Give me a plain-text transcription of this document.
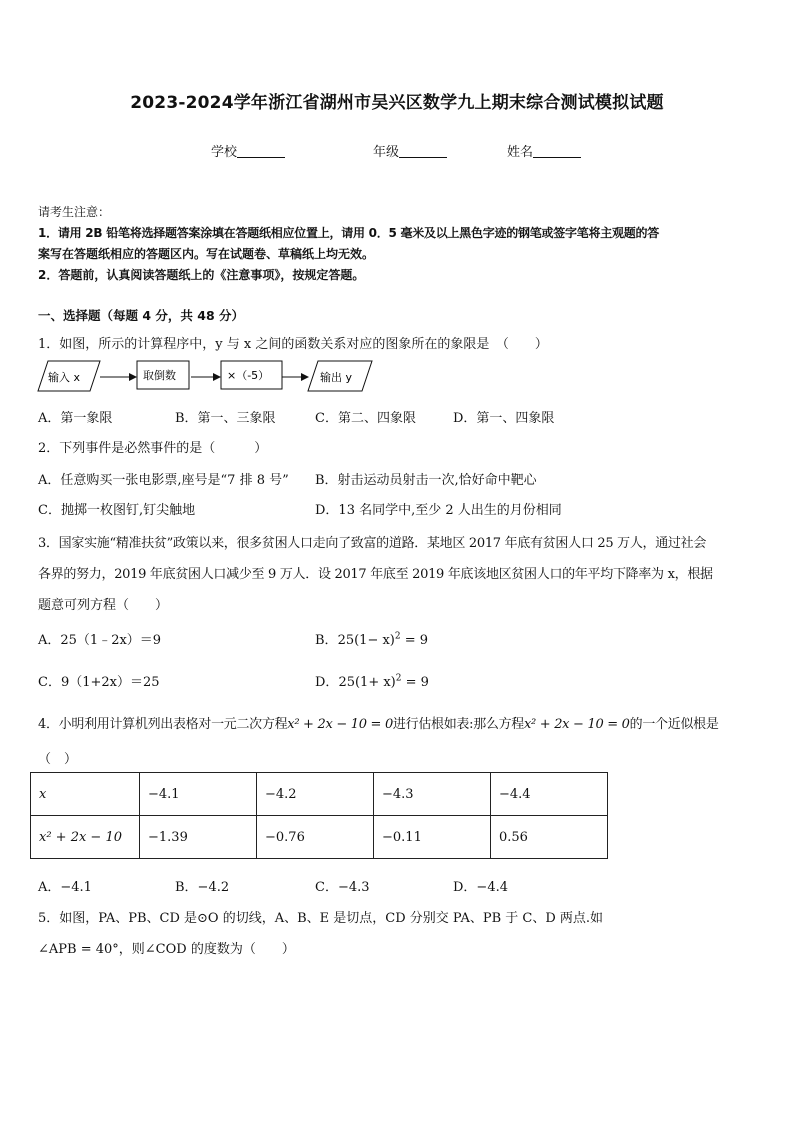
2023-2024学年浙江省湖州市吴兴区数学九上期末综合测试模拟试题
学校	年级	姓名
请考生注意：
1．请用 2B 铅笔将选择题答案涂填在答题纸相应位置上，请用 0．5 毫米及以上黑色字迹的钢笔或签字笔将主观题的答
案写在答题纸相应的答题区内。写在试题卷、草稿纸上均无效。
2．答题前，认真阅读答题纸上的《注意事项》，按规定答题。
一、选择题（每题 4 分，共 48 分）
1．如图，所示的计算程序中，y 与 x 之间的函数关系对应的图象所在的象限是　（　　）
输入 x	取倒数	×（-5）	输出 y
A．第一象限	B．第一、三象限	C．第二、四象限	D．第一、四象限
2．下列事件是必然事件的是（　　　）
A．任意购买一张电影票,座号是“7 排 8 号” B．射击运动员射击一次,恰好命中靶心
C．抛掷一枚图钉,钉尖触地	D．13 名同学中,至少 2 人出生的月份相同
3．国家实施“精准扶贫”政策以来，很多贫困人口走向了致富的道路．某地区 2017 年底有贫困人口 25 万人，通过社会
各界的努力，2019 年底贫困人口减少至 9 万人．设 2017 年底至 2019 年底该地区贫困人口的年平均下降率为 x，根据
题意可列方程（　　）
A．25（1﹣2x）＝9	B．$25(1- x)^2 = 9$
C．9（1+2x）＝25	D．$25(1+ x)^2 = 9$
4．小明利用计算机列出表格对一元二次方程x² + 2x − 10 = 0进行估根如表:那么方程x² + 2x − 10 = 0的一个近似根是
（　）
x	−4.1	−4.2	−4.3	−4.4
x² + 2x − 10	−1.39	−0.76	−0.11	0.56
A．−4.1	B．−4.2	C．−4.3	D．−4.4
5．如图，PA、PB、CD 是⊙O 的切线，A、B、E 是切点，CD 分别交 PA、PB 于 C、D 两点.如
∠APB = 40°，则∠COD 的度数为（　　）
